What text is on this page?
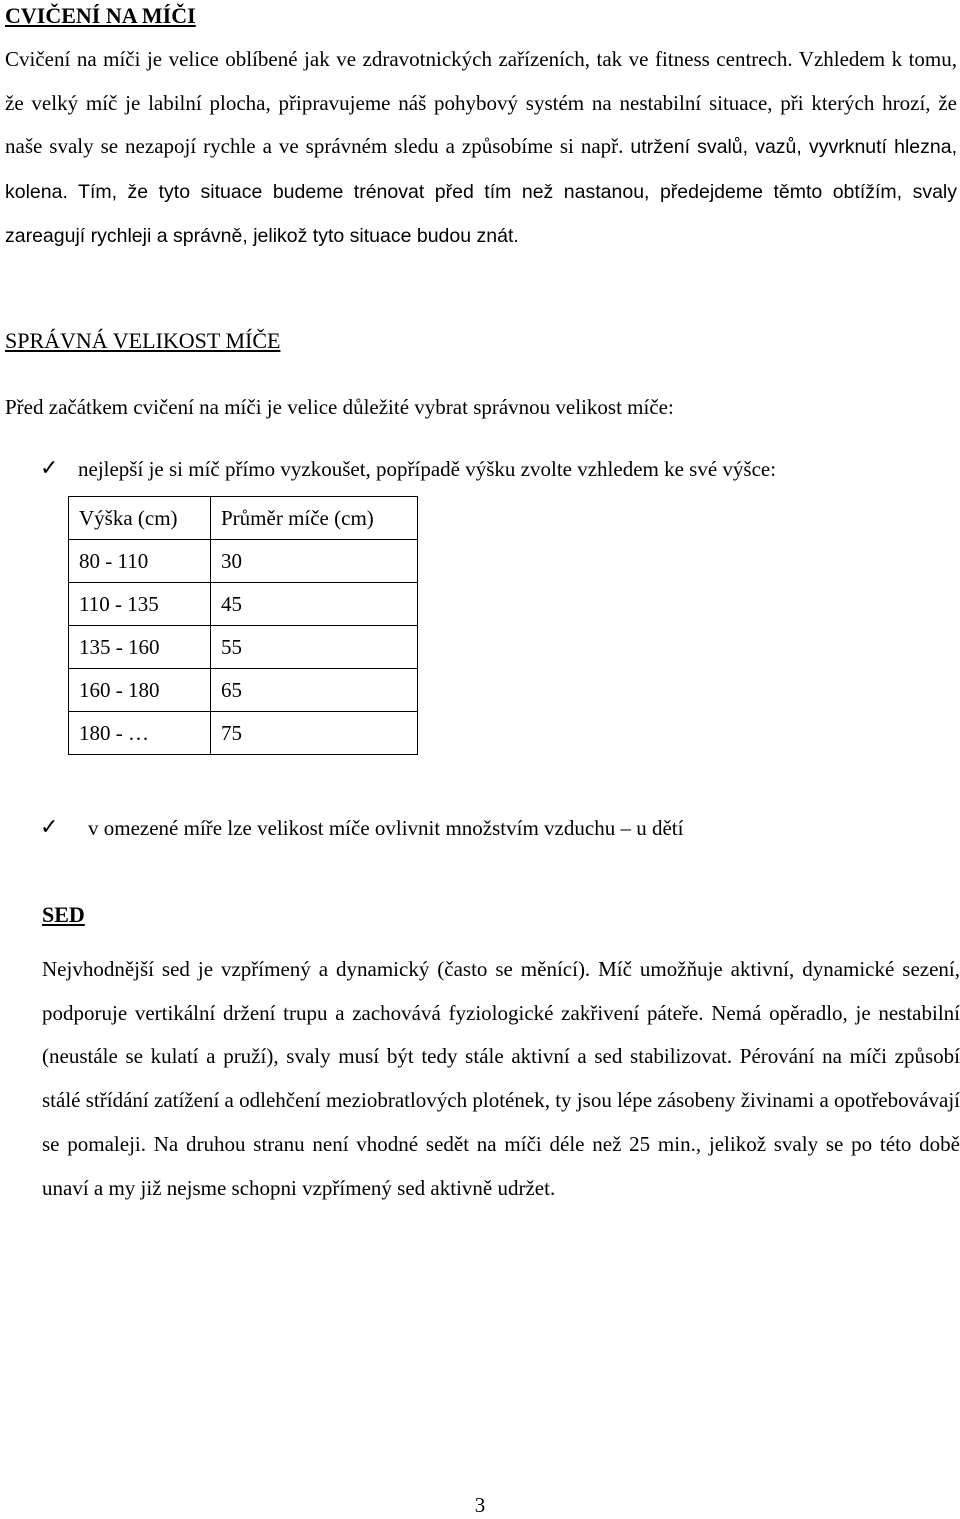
CVIČENÍ NA MÍČI

Cvičení na míči je velice oblíbené jak ve zdravotnických zařízeních, tak ve fitness centrech. Vzhledem k tomu, že velký míč je labilní plocha, připravujeme náš pohybový systém na nestabilní situace, při kterých hrozí, že naše svaly se nezapojí rychle a ve správném sledu a způsobíme si např. utržení svalů, vazů, vyvrknutí hlezna, kolena. Tím, že tyto situace budeme trénovat před tím než nastanou, předejdeme těmto obtížím, svaly zareagují rychleji a správně, jelikož tyto situace budou znát.

SPRÁVNÁ VELIKOST MÍČE

Před začátkem cvičení na míči je velice důležité vybrat správnou velikost míče:

✓ nejlepší je si míč přímo vyzkoušet, popřípadě výšku zvolte vzhledem ke své výšce:
Výška (cm)	Průměr míče (cm)
80 - 110	30
110 - 135	45
135 - 160	55
160 - 180	65
180 - …	75
✓ v omezené míře lze velikost míče ovlivnit množstvím vzduchu – u dětí
SED

Nejvhodnější sed je vzpřímený a dynamický (často se měnící). Míč umožňuje aktivní, dynamické sezení, podporuje vertikální držení trupu a zachovává fyziologické zakřivení páteře. Nemá opěradlo, je nestabilní (neustále se kulatí a pruží), svaly musí být tedy stále aktivní a sed stabilizovat. Pérování na míči způsobí stálé střídání zatížení a odlehčení meziobratlových plotének, ty jsou lépe zásobeny živinami a opotřebovávají se pomaleji. Na druhou stranu není vhodné sedět na míči déle než 25 min., jelikož svaly se po této době unaví a my již nejsme schopni vzpřímený sed aktivně udržet.

3
